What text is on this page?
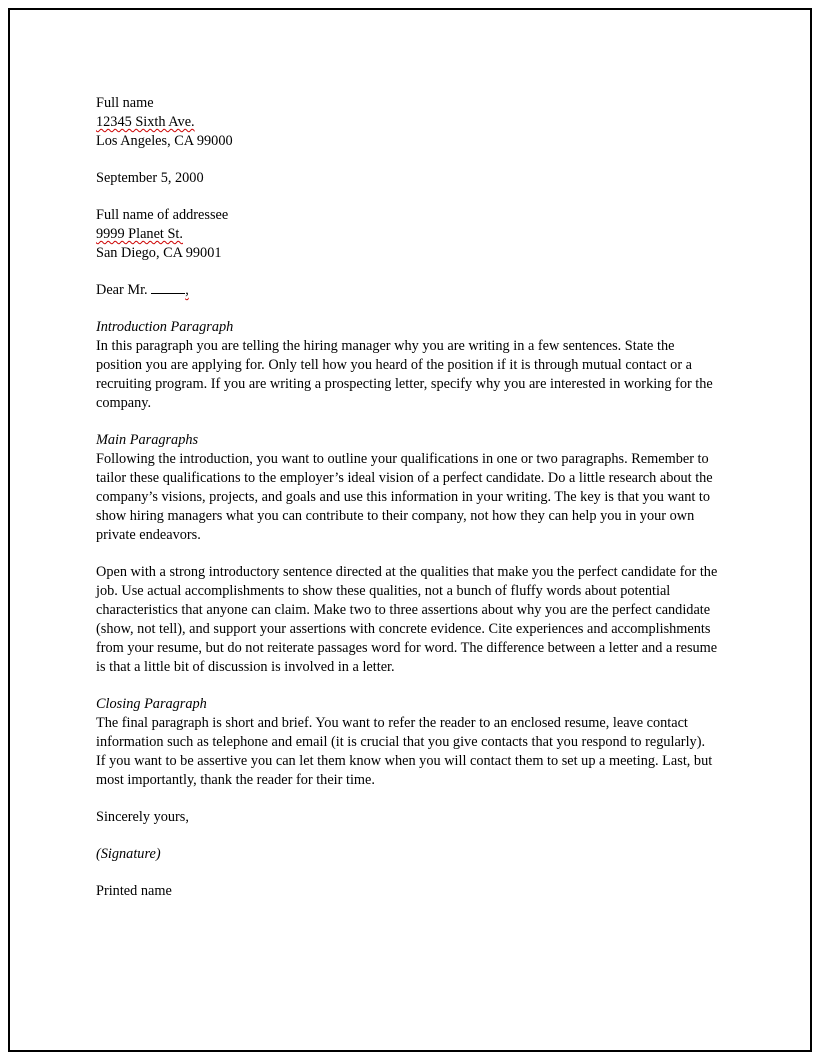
Full name
12345 Sixth Ave.
Los Angeles, CA 99000
September 5, 2000
Full name of addressee
9999 Planet St.
San Diego, CA 99001
Dear Mr. ,
Introduction Paragraph

In this paragraph you are telling the hiring manager why you are writing in a few sentences. State the position you are applying for. Only tell how you heard of the position if it is through mutual contact or a recruiting program. If you are writing a prospecting letter, specify why you are interested in working for the company.

Main Paragraphs

Following the introduction, you want to outline your qualifications in one or two paragraphs. Remember to tailor these qualifications to the employer’s ideal vision of a perfect candidate. Do a little research about the company’s visions, projects, and goals and use this information in your writing. The key is that you want to show hiring managers what you can contribute to their company, not how they can help you in your own private endeavors.

Open with a strong introductory sentence directed at the qualities that make you the perfect candidate for the job. Use actual accomplishments to show these qualities, not a bunch of fluffy words about potential characteristics that anyone can claim. Make two to three assertions about why you are the perfect candidate (show, not tell), and support your assertions with concrete evidence. Cite experiences and accomplishments from your resume, but do not reiterate passages word for word. The difference between a letter and a resume is that a little bit of discussion is involved in a letter.

Closing Paragraph

The final paragraph is short and brief. You want to refer the reader to an enclosed resume, leave contact information such as telephone and email (it is crucial that you give contacts that you respond to regularly). If you want to be assertive you can let them know when you will contact them to set up a meeting. Last, but most importantly, thank the reader for their time.

Sincerely yours,
(Signature)
Printed name
